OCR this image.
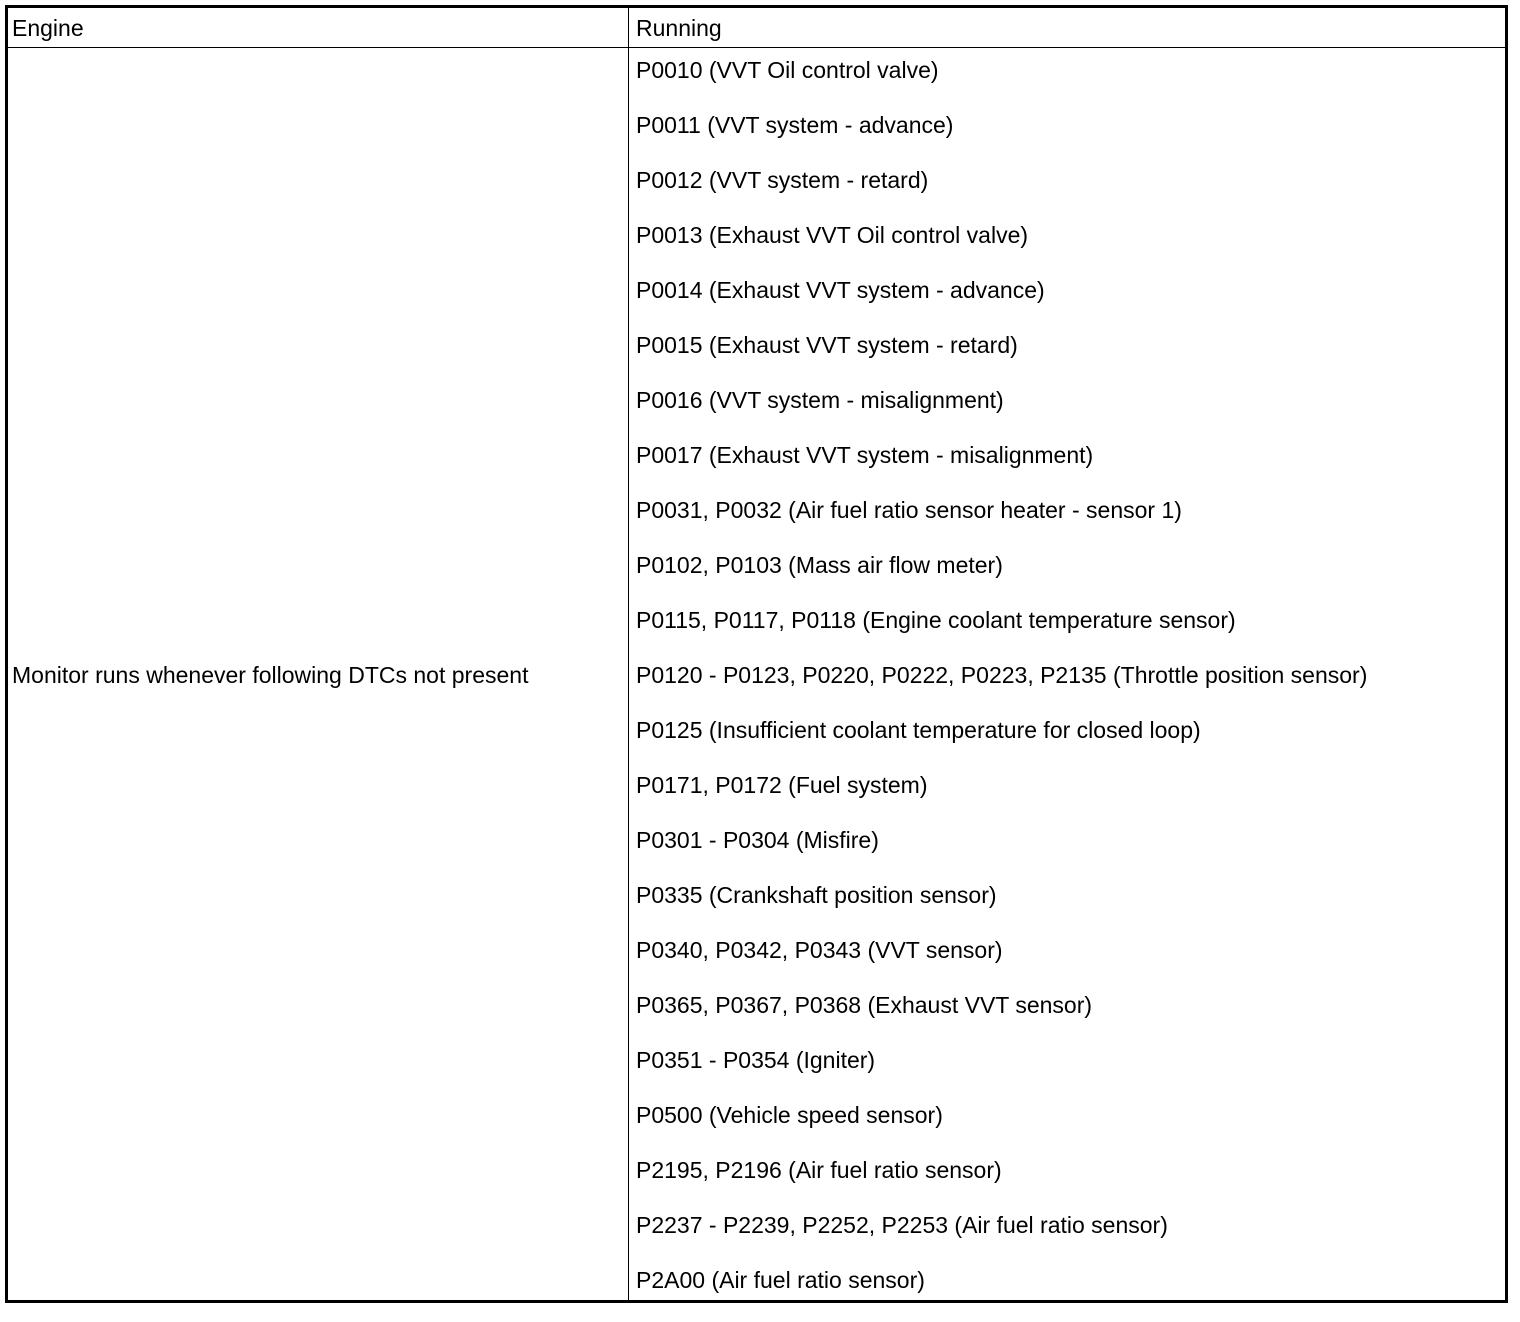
Engine	Running
Monitor runs whenever following DTCs not present
P0010 (VVT Oil control valve)
P0011 (VVT system - advance)
P0012 (VVT system - retard)
P0013 (Exhaust VVT Oil control valve)
P0014 (Exhaust VVT system - advance)
P0015 (Exhaust VVT system - retard)
P0016 (VVT system - misalignment)
P0017 (Exhaust VVT system - misalignment)
P0031, P0032 (Air fuel ratio sensor heater - sensor 1)
P0102, P0103 (Mass air flow meter)
P0115, P0117, P0118 (Engine coolant temperature sensor)
P0120 - P0123, P0220, P0222, P0223, P2135 (Throttle position sensor)
P0125 (Insufficient coolant temperature for closed loop)
P0171, P0172 (Fuel system)
P0301 - P0304 (Misfire)
P0335 (Crankshaft position sensor)
P0340, P0342, P0343 (VVT sensor)
P0365, P0367, P0368 (Exhaust VVT sensor)
P0351 - P0354 (Igniter)
P0500 (Vehicle speed sensor)
P2195, P2196 (Air fuel ratio sensor)
P2237 - P2239, P2252, P2253 (Air fuel ratio sensor)
P2A00 (Air fuel ratio sensor)
